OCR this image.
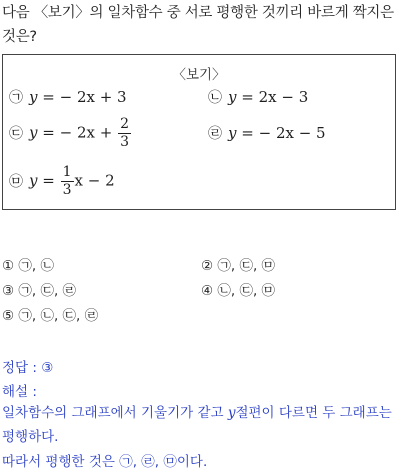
다음 〈보기〉의 일차함수 중 서로 평행한 것끼리 바르게 짝지은 것은?
〈보기〉
㉠ y = − 2x + 3	㉡ y = 2x − 3
㉢ y = − $2x + \frac{2}{3}$	㉣ y = − 2x − 5
㉤ $y = \frac{1}{3}$ x − 2
① ㉠, ㉡	② ㉠, ㉢, ㉤
③ ㉠, ㉢, ㉣	④ ㉡, ㉢, ㉤
⑤ ㉠, ㉡, ㉢, ㉣
정답 : ③
해설 :
일차함수의 그래프에서 기울기가 같고 y절편이 다르면 두 그래프는 평행하다.
따라서 평행한 것은 ㉠, ㉣, ㉤이다.
